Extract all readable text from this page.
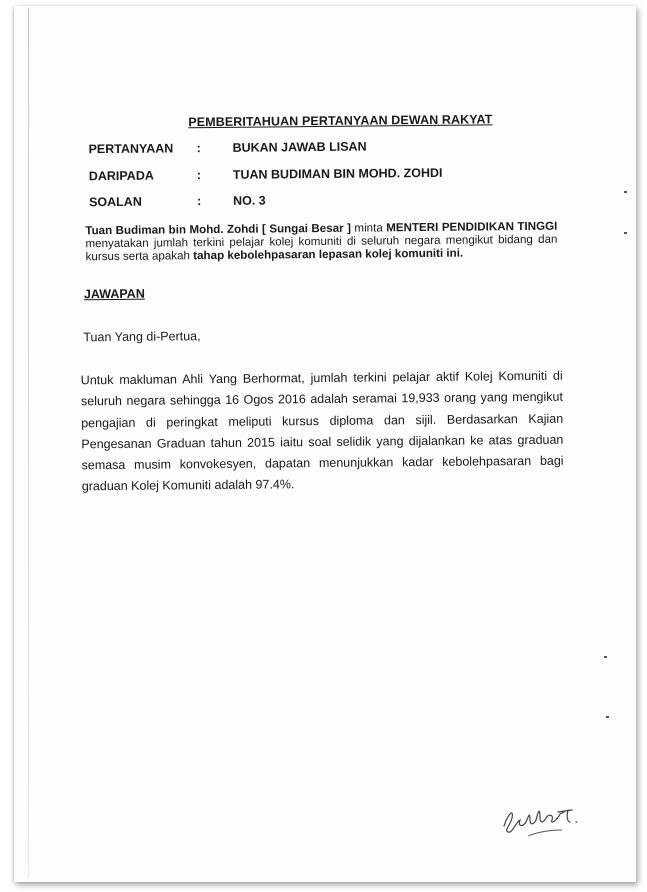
PEMBERITAHUAN PERTANYAAN DEWAN RAKYAT
PERTANYAAN :	BUKAN JAWAB LISAN
DARIPADA	:	TUAN BUDIMAN BIN MOHD. ZOHDI
SOALAN	:	NO. 3
Tuan Budiman bin Mohd. Zohdi [ Sungai Besar ] minta MENTERI PENDIDIKAN TINGGI menyatakan jumlah terkini pelajar kolej komuniti di seluruh negara mengikut bidang dan kursus serta apakah tahap kebolehpasaran lepasan kolej komuniti ini.
JAWAPAN
Tuan Yang di-Pertua,
Untuk makluman Ahli Yang Berhormat, jumlah terkini pelajar aktif Kolej Komuniti di seluruh negara sehingga 16 Ogos 2016 adalah seramai 19,933 orang yang mengikut pengajian di peringkat meliputi kursus diploma dan sijil. Berdasarkan Kajian Pengesanan Graduan tahun 2015 iaitu soal selidik yang dijalankan ke atas graduan semasa musim konvokesyen, dapatan menunjukkan kadar kebolehpasaran bagi graduan Kolej Komuniti adalah 97.4%.
